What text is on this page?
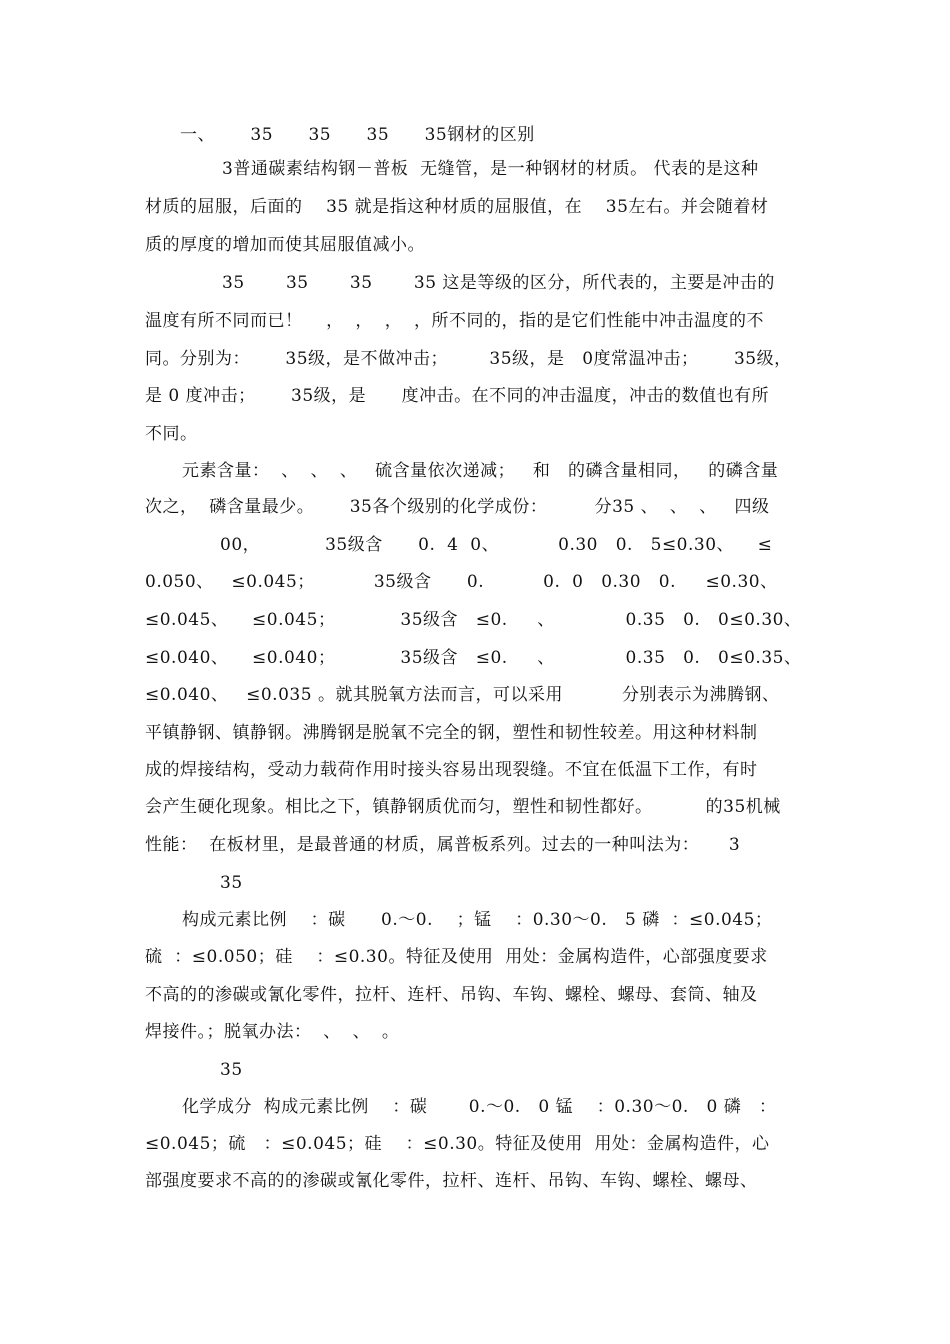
一、      35      35      35      35钢材的区别
3普通碳素结构钢－普板  无缝管，是一种钢材的材质。 代表的是这种
材质的屈服，后面的    35 就是指这种材质的屈服值，在    35左右。并会随着材
质的厚度的增加而使其屈服值减小。
35       35       35       35 这是等级的区分，所代表的，主要是冲击的
温度有所不同而已！    ，  ，  ，  ，所不同的，指的是它们性能中冲击温度的不
同。分别为：      35级，是不做冲击；       35级，是   0度常温冲击；      35级，
是 0 度冲击；      35级，是      度冲击。在不同的冲击温度，冲击的数值也有所
不同。
元素含量：  、  、  、   硫含量依次递减；   和   的磷含量相同，   的磷含量
次之，  磷含量最少。      35各个级别的化学成份：        分35 、  、  、   四级
00，           35级含      0.  4  0、          0.30   0.   5≤0.30、    ≤
0.050、   ≤0.045；          35级含      0.          0.  0   0.30   0.     ≤0.30、
≤0.045、    ≤0.045；           35级含   ≤0.     、            0.35   0.   0≤0.30、
≤0.040、    ≤0.040；           35级含   ≤0.     、            0.35   0.   0≤0.35、
≤0.040、   ≤0.035 。就其脱氧方法而言，可以采用          分别表示为沸腾钢、
平镇静钢、镇静钢。沸腾钢是脱氧不完全的钢，塑性和韧性较差。用这种材料制
成的焊接结构，受动力载荷作用时接头容易出现裂缝。不宜在低温下工作，有时
会产生硬化现象。相比之下，镇静钢质优而匀，塑性和韧性都好。         的35机械
性能：  在板材里，是最普通的材质，属普板系列。过去的一种叫法为：     3
35
构成元素比例    ：碳      0.～0.    ；锰    ：0.30～0.   5 磷  ：≤0.045；
硫  ：≤0.050；硅    ：≤0.30。特征及使用  用处：金属构造件，心部强度要求
不高的的渗碳或氰化零件，拉杆、连杆、吊钩、车钩、螺栓、螺母、套筒、轴及
焊接件。；脱氧办法：  、  、  。
35
化学成分  构成元素比例    ：碳       0.～0.   0 锰    ：0.30～0.   0 磷   ：
≤0.045；硫   ：≤0.045；硅    ：≤0.30。特征及使用  用处：金属构造件，心
部强度要求不高的的渗碳或氰化零件，拉杆、连杆、吊钩、车钩、螺栓、螺母、
